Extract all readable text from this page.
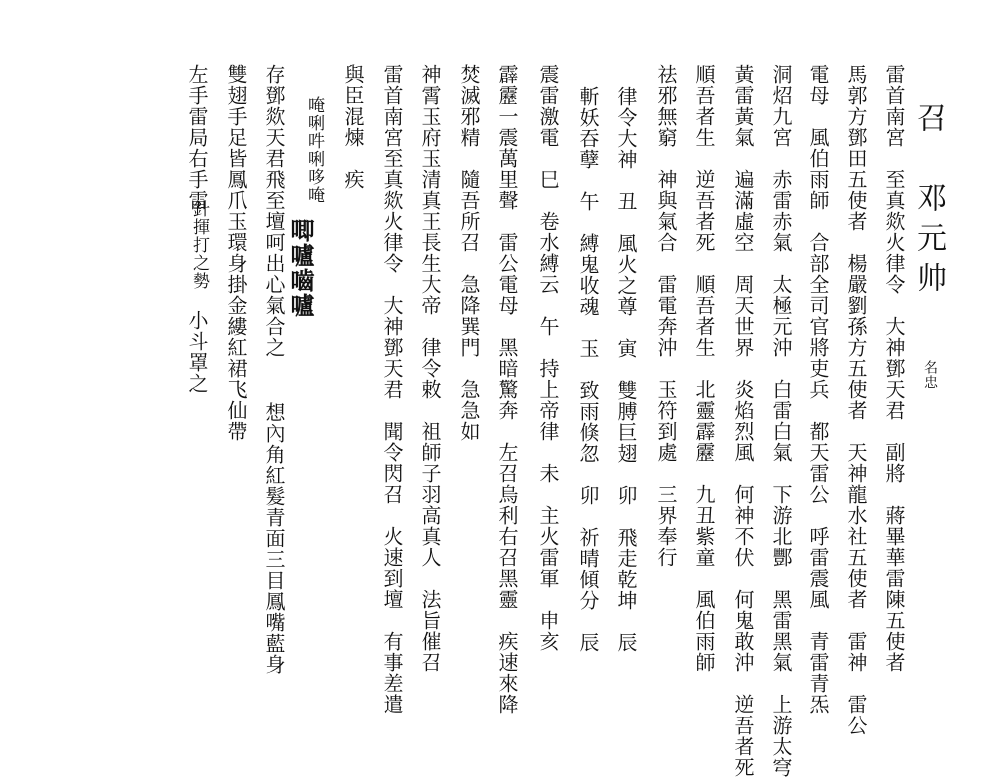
召　邓元帅
名忠
雷首南宮　至真欻火律令　大神鄧天君　副將　蔣畢華雷陳五使者
馬郭方鄧田五使者　楊嚴劉孫方五使者　天神龍水社五使者　雷神　雷公
電母　風伯雨師　合部全司官將吏兵　都天雷公　呼雷震風　青雷青炁
洞炤九宮　赤雷赤氣　太極元沖　白雷白氣　下游北酆　黑雷黑氣　上游太穹
黃雷黃氣　遍滿虛空　周天世界　炎焰烈風　何神不伏　何鬼敢沖　逆吾者死
順吾者生　逆吾者死　順吾者生　北靈霹靂　九丑紫童　風伯雨師
祛邪無窮　神與氣合　雷電奔沖　玉符到處　三界奉行
律令大神　丑　風火之尊　寅　雙膊巨翅　卯　飛走乾坤　辰
斬妖吞孽　午　縛鬼收魂　玉　致雨倏忽　卯　祈晴傾分　辰
震雷激電　巳　卷水縛云　午　持上帝律　未　主火雷軍　申亥
霹靂一震萬里聲　雷公電母　黑暗驚奔　左召烏利右召黑靈　疾速來降
焚滅邪精　隨吾所召　急降巽門　急急如
神霄玉府玉清真王長生大帝　律令敕　祖師子羽高真人　法旨催召
雷首南宮至真欻火律令　大神鄧天君　聞令閃召　火速到壇　有事差遣
與臣混煉　疾
唵唎吽唎哆唵
唧嚧嚙嚧
存鄧欻天君飛至壇呵出心氣合之
想內角紅髮青面三目鳳嘴藍身
雙翅手足皆鳳爪玉環身掛金縷紅裙飞仙帶
左手雷局右手雷
針揮打之勢
小斗罩之
